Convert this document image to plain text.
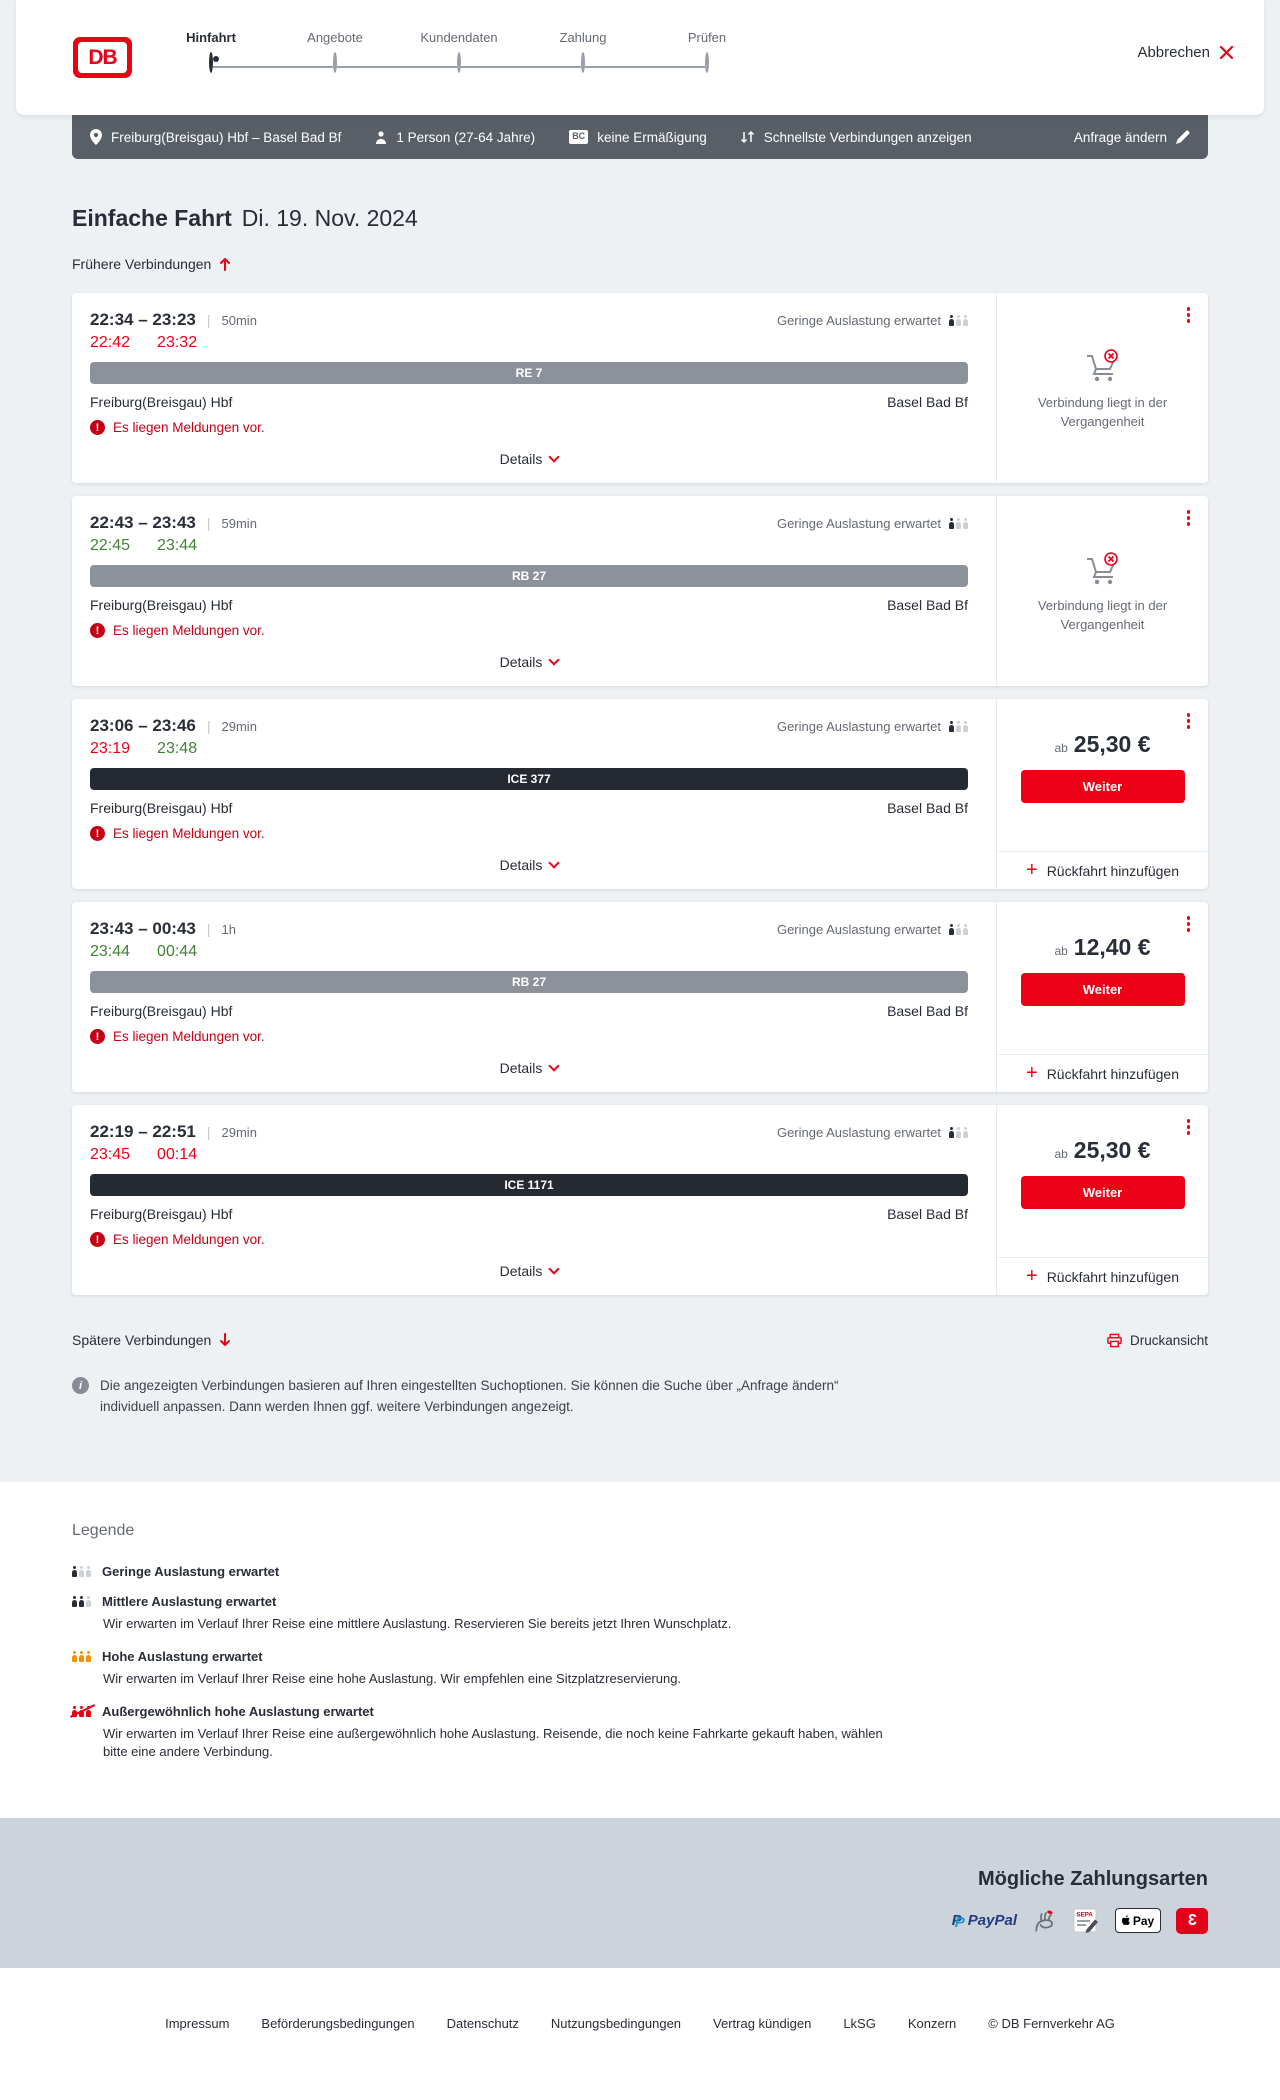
DB
Hinfahrt	Angebote	Kundendaten	Zahlung	Prüfen
Abbrechen
Freiburg(Breisgau) Hbf – Basel Bad Bf	1 Person (27-64 Jahre)	BC keine Ermäßigung	Schnellste Verbindungen anzeigen	Anfrage ändern
Einfache Fahrt Di. 19. Nov. 2024
Frühere Verbindungen
22:34 – 23:23 | 50min	Geringe Auslastung erwartet
22:42 23:32
RE 7
Freiburg(Breisgau) Hbf	Basel Bad Bf
!	Es liegen Meldungen vor.
Details
Verbindung liegt in der Vergangenheit
22:43 – 23:43 | 59min	Geringe Auslastung erwartet
22:45 23:44
RB 27
Freiburg(Breisgau) Hbf	Basel Bad Bf
!	Es liegen Meldungen vor.
Details
Verbindung liegt in der Vergangenheit
23:06 – 23:46 | 29min	Geringe Auslastung erwartet
23:19 23:48
ICE 377
Freiburg(Breisgau) Hbf	Basel Bad Bf
!	Es liegen Meldungen vor.
Details
ab 25,30 €
Weiter
+ Rückfahrt hinzufügen
23:43 – 00:43 | 1h	Geringe Auslastung erwartet
23:44 00:44
RB 27
Freiburg(Breisgau) Hbf	Basel Bad Bf
!	Es liegen Meldungen vor.
Details
ab 12,40 €
Weiter
+ Rückfahrt hinzufügen
22:19 – 22:51 | 29min	Geringe Auslastung erwartet
23:45 00:14
ICE 1171
Freiburg(Breisgau) Hbf	Basel Bad Bf
!	Es liegen Meldungen vor.
Details
ab 25,30 €
Weiter
+ Rückfahrt hinzufügen
Spätere Verbindungen	Druckansicht
i	Die angezeigten Verbindungen basieren auf Ihren eingestellten Suchoptionen. Sie können die Suche über „Anfrage ändern“ individuell anpassen. Dann werden Ihnen ggf. weitere Verbindungen angezeigt.

Legende
Geringe Auslastung erwartet
Mittlere Auslastung erwartet

Wir erwarten im Verlauf Ihrer Reise eine mittlere Auslastung. Reservieren Sie bereits jetzt Ihren Wunschplatz.

Hohe Auslastung erwartet

Wir erwarten im Verlauf Ihrer Reise eine hohe Auslastung. Wir empfehlen eine Sitzplatzreservierung.

Außergewöhnlich hohe Auslastung erwartet

Wir erwarten im Verlauf Ihrer Reise eine außergewöhnlich hohe Auslastung. Reisende, die noch keine Fahrkarte gekauft haben, wählen bitte eine andere Verbindung.

Mögliche Zahlungsarten
P P
PayPal	SEPA	Pay 3
Impressum Beförderungsbedingungen Datenschutz Nutzungsbedingungen Vertrag kündigen LkSG Konzern © DB Fernverkehr AG
